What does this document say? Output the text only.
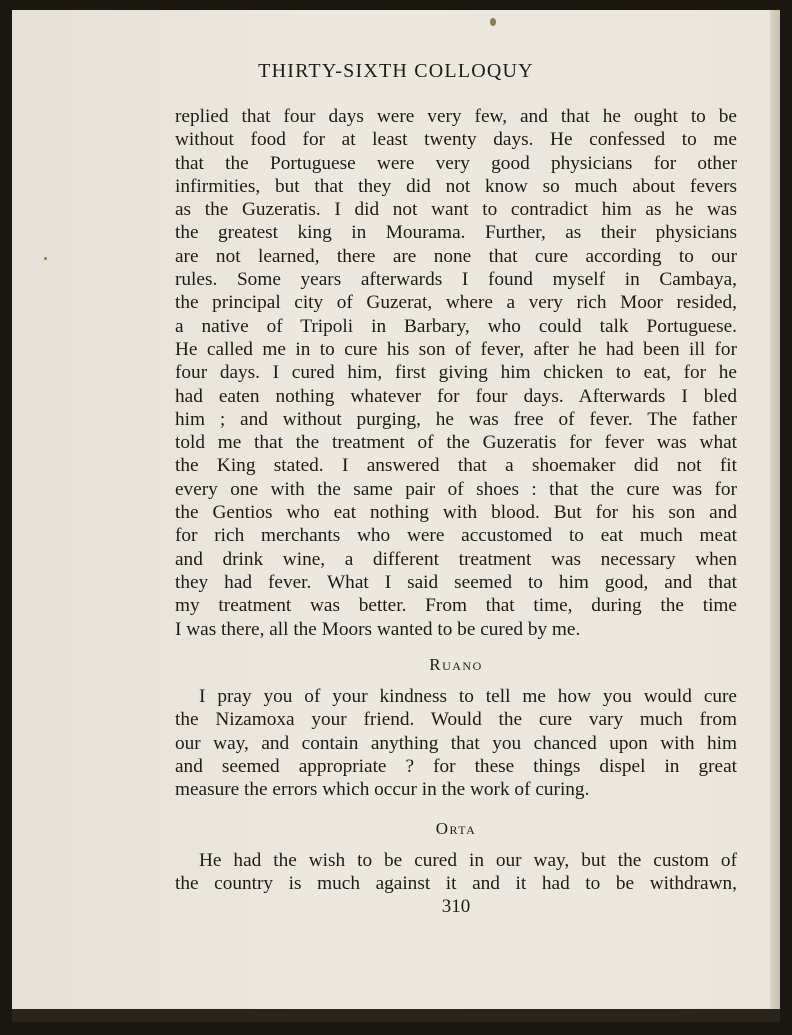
THIRTY-SIXTH COLLOQUY
replied that four days were very few, and that he ought to be
without food for at least twenty days. He confessed to me
that the Portuguese were very good physicians for other
infirmities, but that they did not know so much about fevers
as the Guzeratis. I did not want to contradict him as he was
the greatest king in Mourama. Further, as their physicians
are not learned, there are none that cure according to our
rules. Some years afterwards I found myself in Cambaya,
the principal city of Guzerat, where a very rich Moor resided,
a native of Tripoli in Barbary, who could talk Portuguese.
He called me in to cure his son of fever, after he had been ill for
four days. I cured him, first giving him chicken to eat, for he
had eaten nothing whatever for four days. Afterwards I bled
him ; and without purging, he was free of fever. The father
told me that the treatment of the Guzeratis for fever was what
the King stated. I answered that a shoemaker did not fit
every one with the same pair of shoes : that the cure was for
the Gentios who eat nothing with blood. But for his son and
for rich merchants who were accustomed to eat much meat
and drink wine, a different treatment was necessary when
they had fever. What I said seemed to him good, and that
my treatment was better. From that time, during the time
I was there, all the Moors wanted to be cured by me.
Ruano
I pray you of your kindness to tell me how you would cure
the Nizamoxa your friend. Would the cure vary much from
our way, and contain anything that you chanced upon with him
and seemed appropriate ? for these things dispel in great
measure the errors which occur in the work of curing.
Orta
He had the wish to be cured in our way, but the custom of
the country is much against it and it had to be withdrawn,
310
